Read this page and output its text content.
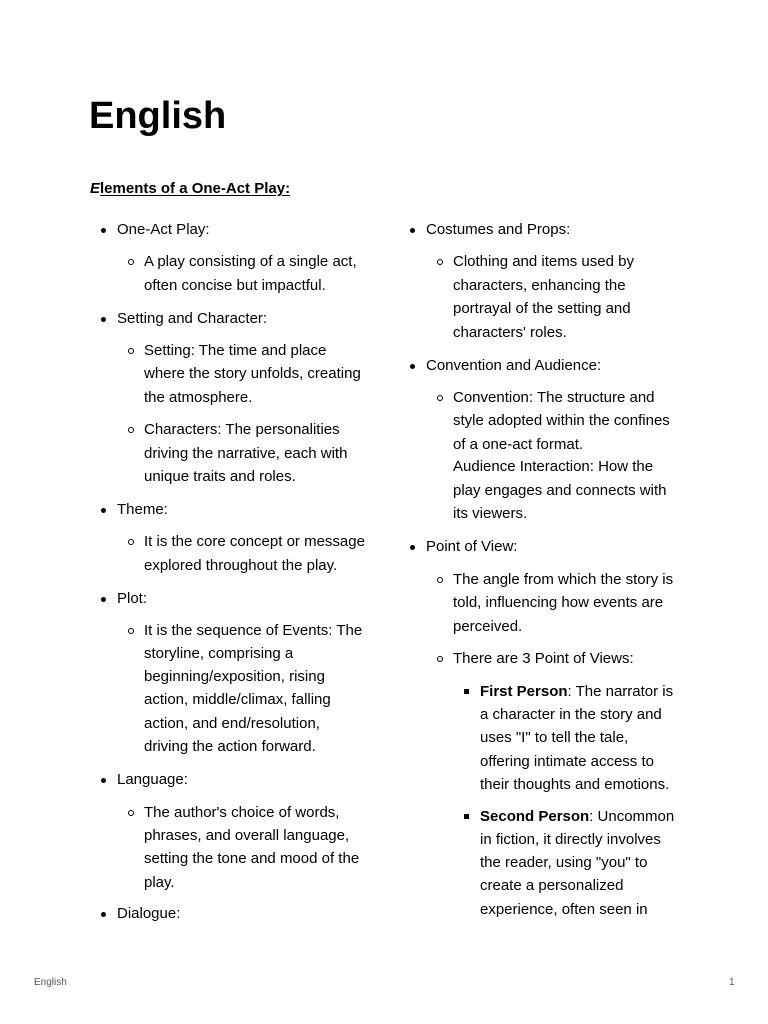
English
Elements of a One-Act Play:
One-Act Play:
A play consisting of a single act,
often concise but impactful.
Setting and Character:
Setting: The time and place
where the story unfolds, creating
the atmosphere.
Characters: The personalities
driving the narrative, each with
unique traits and roles.
Theme:
It is the core concept or message
explored throughout the play.
Plot:
It is the sequence of Events: The
storyline, comprising a
beginning/exposition, rising
action, middle/climax, falling
action, and end/resolution,
driving the action forward.
Language:
The author's choice of words,
phrases, and overall language,
setting the tone and mood of the
play.
Dialogue:
Costumes and Props:
Clothing and items used by
characters, enhancing the
portrayal of the setting and
characters' roles.
Convention and Audience:
Convention: The structure and
style adopted within the confines
of a one-act format.
Audience Interaction: How the
play engages and connects with
its viewers.
Point of View:
The angle from which the story is
told, influencing how events are
perceived.
There are 3 Point of Views:
First Person: The narrator is
a character in the story and
uses "I" to tell the tale,
offering intimate access to
their thoughts and emotions.
Second Person: Uncommon
in fiction, it directly involves
the reader, using "you" to
create a personalized
experience, often seen in
English	1
